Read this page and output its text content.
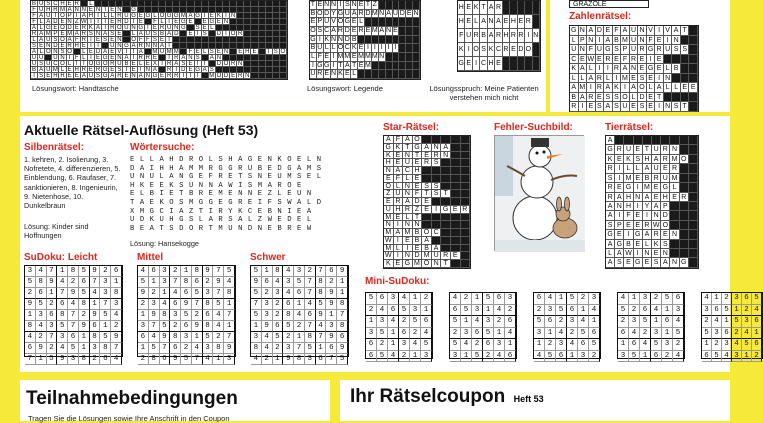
B U S C H E R	L
F U H R M A N N E N T E N	G
F A U T O P I A H I L L R U G E G L O G G M A G I E K I N
F L A D E N Z W I T T E R D I E	F L I E G E	E G E N
A L G E O D E R K A I R O U N G I E R U N G S E L
R A M P E M A R S N A S E	L A U S B A D	E I S	D I O R
L A U S O A F R I E S E N	O F F S E T
S E N D E R H E I T	U N G A R N N A T
A L O N S O L E D A E V I T A	M U M M F E L S E N	E H E	I S O
U U	U N I F L I E G E N A I R R E	T R A N S	A N
U S U C O L T T O G O R U B E L E X T R A S E I T	D O R N
B A U M L E H R E R G E S T E I N A	R I D E G A S
I S E H R E E A U S G A R E N A N G E R R I T T	M O D E R N
Lösungswort: Handtasche
T E N N I S N E T Z
B O D Y G U A R D M N A U D E N
E P U V O G E L
O S C A R D E R E M A N E
G I K N N D B
B U L L O C K E I I I I I
L F E I M M E M M M N
I G G I T A T E M
U R E N K E L
Lösungswort: Legende
H E K T A R
H E L A N A E H E R
F U R B A R H R R I N
K I O S K C R E D O
G E I C H E
Lösungsspruch: Meine Patienten verstehen mich nicht
GRAZOLE
Zahlenrätsel:
G N A D E F A U N V I V A T
L P N I A B M U N F E I N
U N F U G S P U R G R U S S
C E W E R E F R E I E
K A L I I R A N E G E L B
L L A R L I M E S E I N
A M I R A K I A O L A L L E E
B A R E S S O L D E T
R I E S A S U E S E I N S T
Aktuelle Rätsel-Auflösung (Heft 53)
Silbenrätsel:
1. kehren, 2. Isolierung, 3. Nofretete, 4. differenzieren, 5. Einblendung, 6. Raufaser, 7. sanktionieren, 8. Ingenieurin, 9. Nietenhose, 10. Dunkelbraun
Lösung: Kinder sind Hoffnungen
Wörtersuche:
E L L A H D R O L S H A G E N K O E L N
D A I H H A M M R G G R U B E D G A M S
U N U L A N G E F R E T S N E U M S E L
H K E E K S U N N A W I S M A R O E
E L B I E T B R E M E N N E Z L E U N
T A E K O S M G G E G R E I F S W A L D
X M G C I A Z T I R Y K C E B N I E A
U D K U H G S L A R S A L Z W E D E L
B E A T S D O R T M U N D N E B R E W
Lösung: Hansekogge
Star-Rätsel:
A F A O
G K T G A N A
K E N T E R N
H E U E R S
N A C H
E F L E
O L N E S S
Z U N F T S T
E R A D E
U H R Z E I G E R
M E L T
N I N N
M A M B O C
W I E B A
M L I E B A
W I N D M U R E
K E G M O N T
Fehler-Suchbild:	Tierrätsel:
A
G R U E T U R N
K E K S H A R M O
R I L L A U E R
S I M E B R U M
R E G I M E G L
R A H N A E H E R
A N H I Y A P
A I F E I N D
S P E E R W O
G E I G A R E N
A G B E L K S
L A W I N E N
A S E G E S A N G
SuDoku: Leicht
3 4 7 1 8 5 9 2 6
5 8 9 4 2 6 7 3 1
2 6 1 7 9 5 4 3 8
9 5 2 6 4 8 1 7 3
1 3 6 8 7 2 9 5 4
8 4 3 5 7 9 6 1 2
4 2 7 3 6 1 8 5 9
6 9 2 4 5 1 3 8 7
7 1 5 9 3 8 2 6 4
Mittel
4 6 3 2 1 8 9 7 5
5 1 3 7 8 6 2 9 4
9 2 1 4 6 5 3 7 8
2 3 4 6 9 7 8 5 1
1 9 8 3 5 2 6 4 7
3 7 5 2 6 9 8 4 1
6 4 9 8 3 1 5 2 7
1 5 7 6 2 4 3 8 9
2 8 6 9 5 7 4 1 3
Schwer
5 1 8 4 3 2 7 6 9
9 6 4 3 5 7 8 2 1
5 2 3 4 6 7 8 9 1
7 3 2 6 1 4 5 9 8
5 3 2 8 4 6 9 1 7
1 9 6 5 2 7 4 3 8
3 4 5 2 1 8 7 9 6
8 4 2 3 7 5 1 6 9
4 2 1 9 8 3 6 7 5
Mini-SuDoku:
5 6 3 4 1 2
2 4 6 5 3 1
1 3 4 2 5 6
3 5 1 6 2 4
6 2 1 3 4 5
6 5 4 2 1 3
4 2 1 5 6 3
6 5 3 1 4 2
5 1 4 3 2 6
2 3 6 5 1 4
5 4 2 6 3 1
3 1 5 2 4 6
6 4 1 5 2 3
2 3 5 6 1 4
5 6 2 3 4 1
3 1 4 2 5 6
1 2 3 4 6 5
4 5 6 1 3 2
4 1 3 2 5 6
5 2 6 4 1 3
2 3 5 1 6 4
6 4 2 3 1 5
1 6 4 5 3 2
3 5 1 6 2 4
4 1 2 3 6 5
3 6 5 1 2 4
2 4 1 5 3 6
5 3 6 2 4 1
1 2 3 4 5 6
6 5 4 3 1 2
Teilnahmebedingungen
Tragen Sie die Lösungen sowie Ihre Anschrift in den Coupon
Ihr Rätselcoupon Heft 53
